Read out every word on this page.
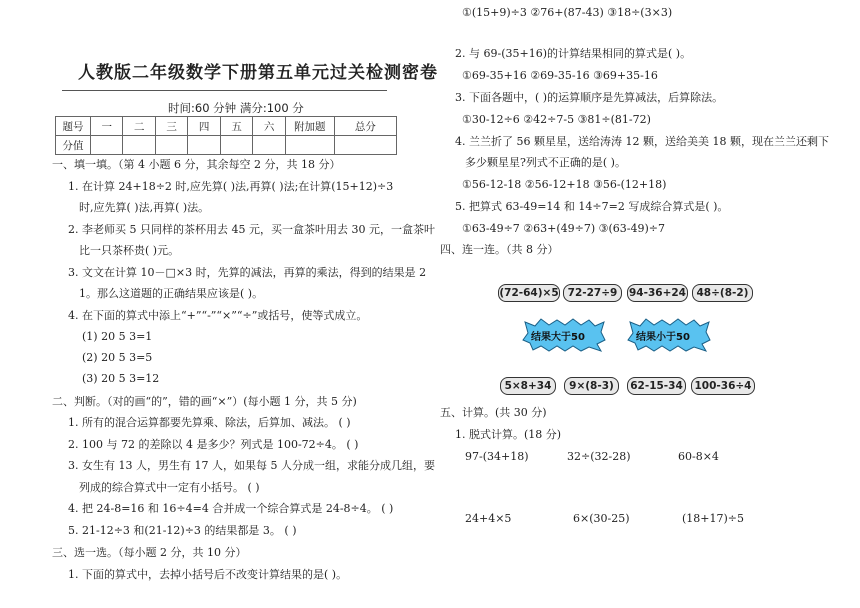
人教版二年级数学下册第五单元过关检测密卷
时间:60 分钟 满分:100 分
题号	一	二	三	四	五	六	附加题	总分
分值								
一、填一填。（第 4 小题 6 分，其余每空 2 分，共 18 分）
1. 在计算 24+18÷2 时,应先算( )法,再算( )法;在计算(15+12)÷3
时,应先算( )法,再算( )法。
2. 李老师买 5 只同样的茶杯用去 45 元，买一盒茶叶用去 30 元，一盒茶叶
比一只茶杯贵( )元。
3. 文文在计算 10－□×3 时，先算的减法，再算的乘法，得到的结果是 2
1。那么这道题的正确结果应该是( )。
4. 在下面的算式中添上“+”“-”“×”“÷”或括号，使等式成立。
(1) 20 5 3=1
(2) 20 5 3=5
(3) 20 5 3=12
二、判断。（对的画“的”，错的画“×”）(每小题 1 分，共 5 分)
1. 所有的混合运算都要先算乘、除法，后算加、减法。 ( )
2. 100 与 72 的差除以 4 是多少？列式是 100-72÷4。 ( )
3. 女生有 13 人，男生有 17 人，如果每 5 人分成一组，求能分成几组，要
列成的综合算式中一定有小括号。 ( )
4. 把 24-8=16 和 16÷4=4 合并成一个综合算式是 24-8÷4。 ( )
5. 21-12÷3 和(21-12)÷3 的结果都是 3。 ( )
三、选一选。（每小题 2 分，共 10 分）
1. 下面的算式中，去掉小括号后不改变计算结果的是( )。
①(15+9)÷3 ②76+(87-43) ③18÷(3×3)
2. 与 69-(35+16)的计算结果相同的算式是( )。
①69-35+16 ②69-35-16 ③69+35-16
3. 下面各题中，( )的运算顺序是先算减法，后算除法。
①30-12÷6 ②42÷7-5 ③81÷(81-72)
4. 兰兰折了 56 颗星星，送给涛涛 12 颗，送给美美 18 颗，现在兰兰还剩下
多少颗星星?列式不正确的是( )。
①56-12-18 ②56-12+18 ③56-(12+18)
5. 把算式 63-49=14 和 14÷7=2 写成综合算式是( )。
①63-49÷7 ②63+(49÷7) ③(63-49)÷7
四、连一连。（共 8 分）
(72-64)×5 72-27÷9	94-36+24	48÷(8-2)
结果大于50	结果小于50
5×8+34	9×(8-3)	62-15-34	100-36÷4
五、计算。(共 30 分)
1. 脱式计算。(18 分)
97-(34+18)	32÷(32-28)	60-8×4
24+4×5	6×(30-25)	(18+17)÷5
